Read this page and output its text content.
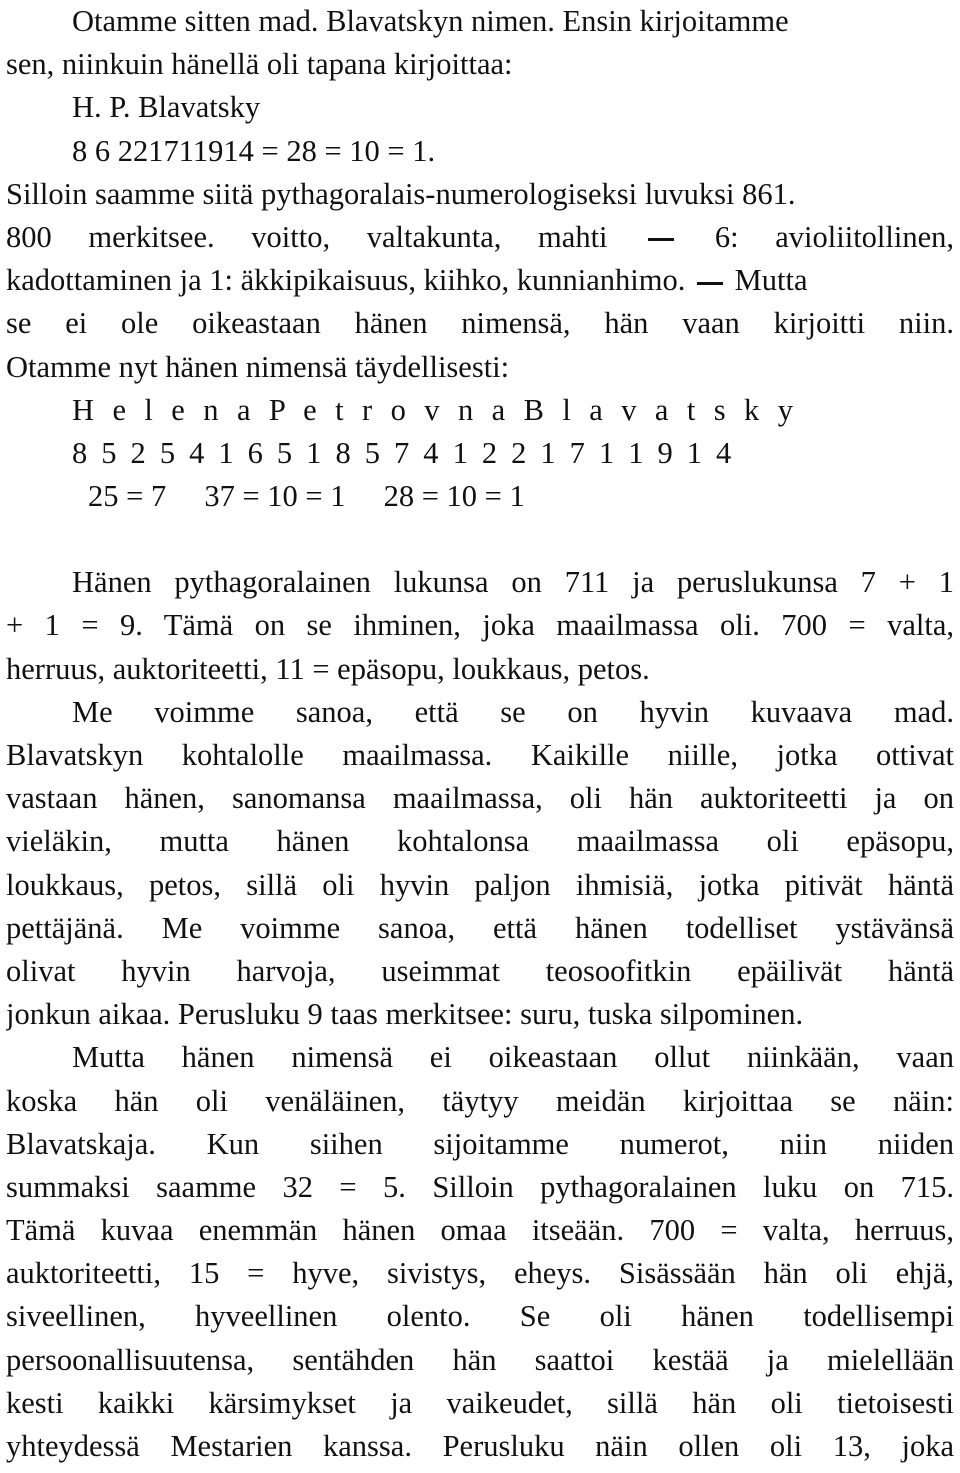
Otamme sitten mad. Blavatskyn nimen. Ensin kirjoitamme
sen, niinkuin hänellä oli tapana kirjoittaa:
H. P. Blavatsky
8 6 221711914 = 28 = 10 = 1.
Silloin saamme siitä pythagoralais-numerologiseksi luvuksi 861.
800 merkitsee. voitto, valtakunta, mahti	6: avioliitollinen,
kadottaminen ja 1: äkkipikaisuus, kiihko, kunnianhimo. Mutta
se ei ole oikeastaan hänen nimensä, hän vaan kirjoitti niin.
Otamme nyt hänen nimensä täydellisesti:
H e l e n a P e t r o v n a B l a v a t s k y
8 5 2 5 4 1 6 5 1 8 5 7 4 1 2 2 1 7 1 1 9 1 4
25 = 7     37 = 10 = 1     28 = 10 = 1
Hänen pythagoralainen lukunsa on 711 ja peruslukunsa 7 + 1
+ 1 = 9. Tämä on se ihminen, joka maailmassa oli. 700 = valta,
herruus, auktoriteetti, 11 = epäsopu, loukkaus, petos.
Me voimme sanoa, että se on hyvin kuvaava mad.
Blavatskyn kohtalolle maailmassa. Kaikille niille, jotka ottivat
vastaan hänen, sanomansa maailmassa, oli hän auktoriteetti ja on
vieläkin, mutta hänen kohtalonsa maailmassa oli epäsopu,
loukkaus, petos, sillä oli hyvin paljon ihmisiä, jotka pitivät häntä
pettäjänä. Me voimme sanoa, että hänen todelliset ystävänsä
olivat hyvin harvoja, useimmat teosoofitkin epäilivät häntä
jonkun aikaa. Perusluku 9 taas merkitsee: suru, tuska silpominen.
Mutta hänen nimensä ei oikeastaan ollut niinkään, vaan
koska hän oli venäläinen, täytyy meidän kirjoittaa se näin:
Blavatskaja. Kun siihen sijoitamme numerot, niin niiden
summaksi saamme 32 = 5. Silloin pythagoralainen luku on 715.
Tämä kuvaa enemmän hänen omaa itseään. 700 = valta, herruus,
auktoriteetti, 15 = hyve, sivistys, eheys. Sisässään hän oli ehjä,
siveellinen, hyveellinen olento. Se oli hänen todellisempi
persoonallisuutensa, sentähden hän saattoi kestää ja mielellään
kesti kaikki kärsimykset ja vaikeudet, sillä hän oli tietoisesti
yhteydessä Mestarien kanssa. Perusluku näin ollen oli 13, joka
